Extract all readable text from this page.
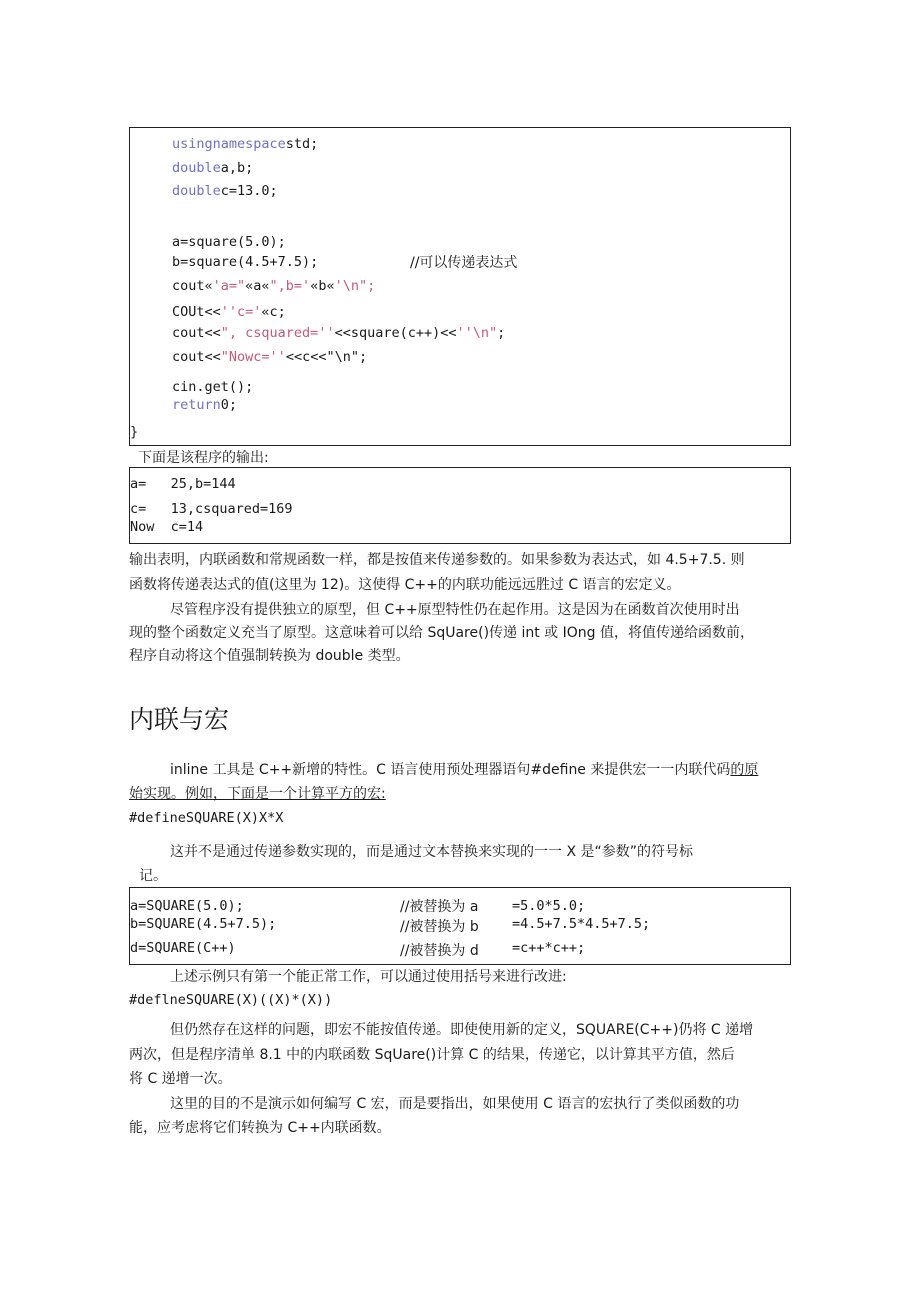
usingnamespacestd;
doublea,b;
doublec=13.0;
a=square(5.0);
b=square(4.5+7.5);	//可以传递表达式
cout«'a="«a«",b='«b«'\n";
COUt<<''c='«c;
cout<<", csquared=''<<square(c++)<<''\n";
cout<<"Nowc=''<<c<<"\n";
cin.get();
return0;
}
下面是该程序的输出:
a=   25,b=144
c=   13,csquared=169
Now  c=14
输出表明，内联函数和常规函数一样，都是按值来传递参数的。如果参数为表达式，如 4.5+7.5. 则
函数将传递表达式的值(这里为 12)。这使得 C++的内联功能远远胜过 C 语言的宏定义。
尽管程序没有提供独立的原型，但 C++原型特性仍在起作用。这是因为在函数首次使用时出
现的整个函数定义充当了原型。这意味着可以给 SqUare()传递 int 或 IOng 值，将值传递给函数前，
程序自动将这个值强制转换为 double 类型。
内联与宏
inline 工具是 C++新增的特性。C 语言使用预处理器语句#define 来提供宏一一内联代码的原
始实现。例如，下面是一个计算平方的宏:
#defineSQUARE(X)X*X
这并不是通过传递参数实现的，而是通过文本替换来实现的一一 X 是“参数”的符号标
记。
a=SQUARE(5.0);	//被替换为 a =5.0*5.0;
b=SQUARE(4.5+7.5);	//被替换为 b =4.5+7.5*4.5+7.5;
d=SQUARE(C++)	//被替换为 d =c++*c++;
上述示例只有第一个能正常工作，可以通过使用括号来进行改进:
#deflneSQUARE(X)((X)*(X))
但仍然存在这样的问题，即宏不能按值传递。即使使用新的定义，SQUARE(C++)仍将 C 递增
两次，但是程序清单 8.1 中的内联函数 SqUare()计算 C 的结果，传递它，以计算其平方值，然后
将 C 递增一次。
这里的目的不是演示如何编写 C 宏，而是要指出，如果使用 C 语言的宏执行了类似函数的功
能，应考虑将它们转换为 C++内联函数。
